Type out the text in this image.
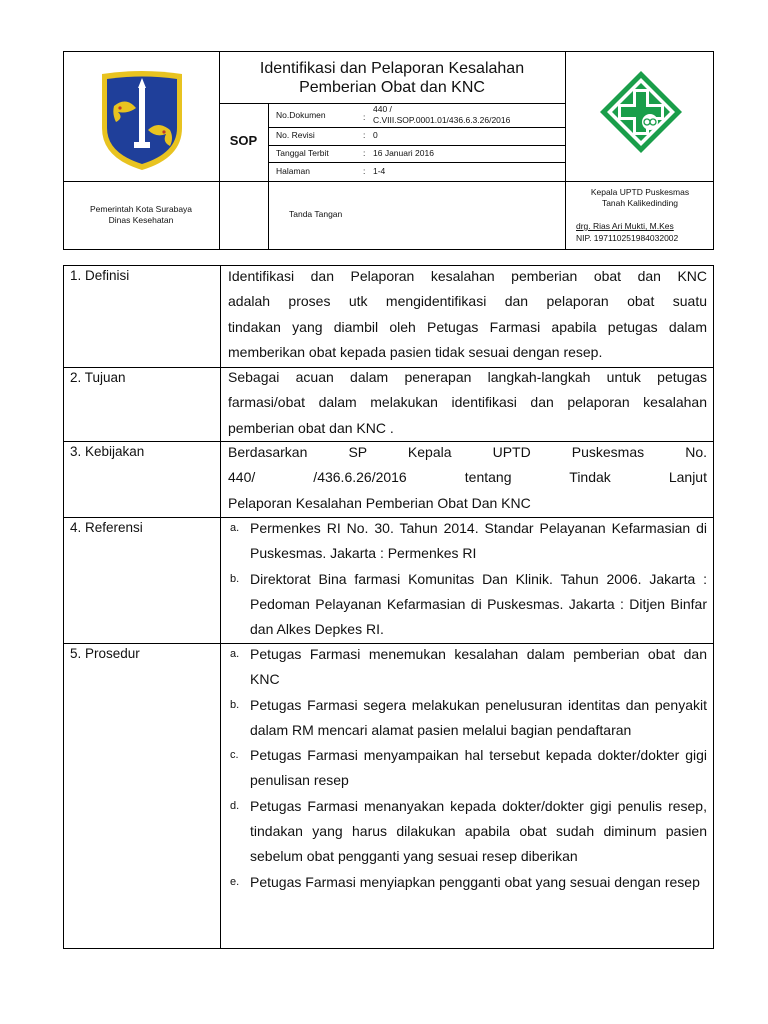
Identifikasi dan Pelaporan Kesalahan
Pemberian Obat dan KNC
SOP
No.Dokumen	:
440 /
C.VIII.SOP.0001.01/436.6.3.26/2016
No. Revisi	: 0
Tanggal Terbit	: 16 Januari 2016
Halaman	: 1-4
Pemerintah Kota Surabaya
Dinas Kesehatan
Tanda Tangan
Kepala UPTD Puskesmas
Tanah Kalikedinding
drg. Rias Ari Mukti, M.Kes
NIP. 197110251984032002
1. Definisi	Identifikasi dan Pelaporan kesalahan pemberian obat dan KNC
adalah proses utk mengidentifikasi dan pelaporan obat suatu
tindakan yang diambil oleh Petugas Farmasi apabila petugas dalam
memberikan obat kepada pasien tidak sesuai dengan resep.
2. Tujuan	Sebagai acuan dalam penerapan langkah-langkah untuk petugas
farmasi/obat dalam melakukan identifikasi dan pelaporan kesalahan
pemberian obat dan KNC .
3. Kebijakan	Berdasarkan SP Kepala UPTD Puskesmas No.
440/ /436.6.26/2016 tentang Tindak Lanjut
Pelaporan Kesalahan Pemberian Obat Dan KNC
4. Referensi	a. Permenkes RI No. 30. Tahun 2014. Standar Pelayanan Kefarmasian di Puskesmas. Jakarta : Permenkes RI
b. Direktorat Bina farmasi Komunitas Dan Klinik. Tahun 2006. Jakarta : Pedoman Pelayanan Kefarmasian di Puskesmas. Jakarta : Ditjen Binfar dan Alkes Depkes RI.
5. Prosedur	a. Petugas Farmasi menemukan kesalahan dalam pemberian obat dan KNC
b. Petugas Farmasi segera melakukan penelusuran identitas dan penyakit dalam RM mencari alamat pasien melalui bagian pendaftaran
c. Petugas Farmasi menyampaikan hal tersebut kepada dokter/dokter gigi penulisan resep
d. Petugas Farmasi menanyakan kepada dokter/dokter gigi penulis resep, tindakan yang harus dilakukan apabila obat sudah diminum pasien sebelum obat pengganti yang sesuai resep diberikan
e. Petugas Farmasi menyiapkan pengganti obat yang sesuai dengan resep
